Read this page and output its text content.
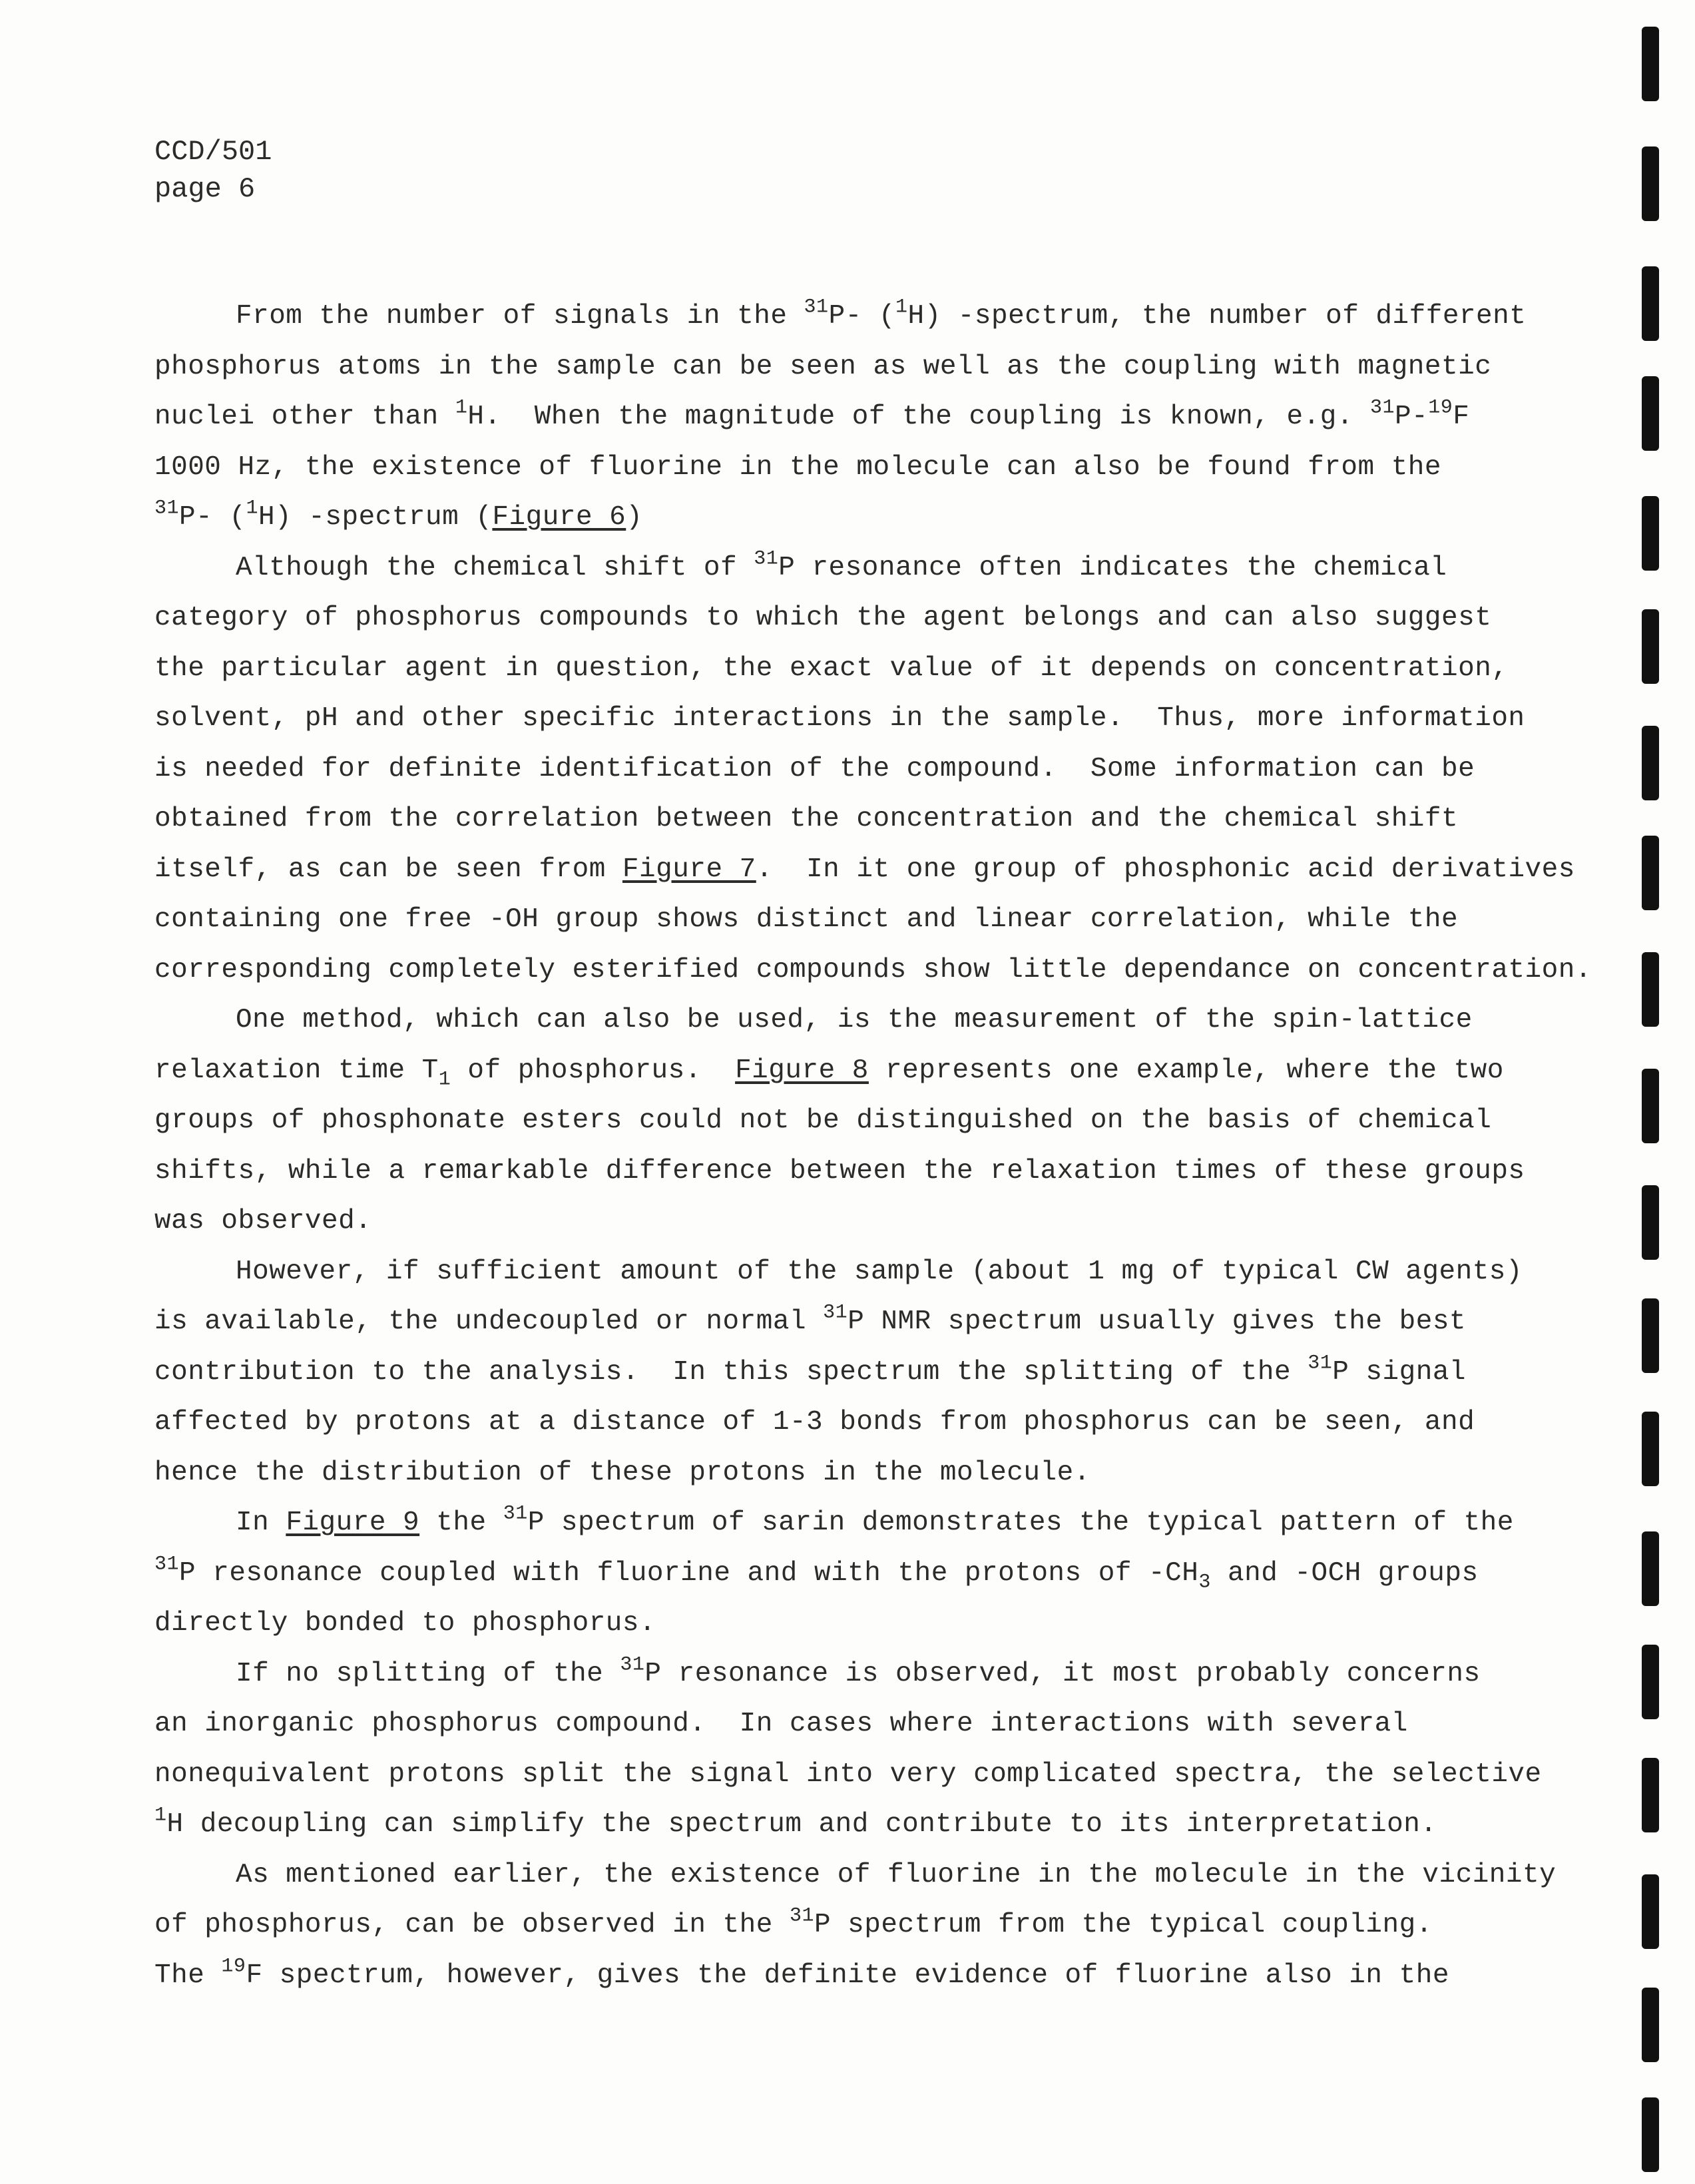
CCD/501
page 6
From the number of signals in the $^{31}$P- ($^1$H) -spectrum, the number of different
phosphorus atoms in the sample can be seen as well as the coupling with magnetic
nuclei other than $^1$H.  When the magnitude of the coupling is known, e.g. $^{31}$P-$^{19}$F
1000 Hz, the existence of fluorine in the molecule can also be found from the
$^{31}$P- ($^1$H) -spectrum (Figure 6)
Although the chemical shift of $^{31}$P resonance often indicates the chemical
category of phosphorus compounds to which the agent belongs and can also suggest
the particular agent in question, the exact value of it depends on concentration,
solvent, pH and other specific interactions in the sample.  Thus, more information
is needed for definite identification of the compound.  Some information can be
obtained from the correlation between the concentration and the chemical shift
itself, as can be seen from Figure 7.  In it one group of phosphonic acid derivatives
containing one free -OH group shows distinct and linear correlation, while the
corresponding completely esterified compounds show little dependance on concentration.
One method, which can also be used, is the measurement of the spin-lattice
relaxation time $T_1$ of phosphorus.  Figure 8 represents one example, where the two
groups of phosphonate esters could not be distinguished on the basis of chemical
shifts, while a remarkable difference between the relaxation times of these groups
was observed.
However, if sufficient amount of the sample (about 1 mg of typical CW agents)
is available, the undecoupled or normal $^{31}$P NMR spectrum usually gives the best
contribution to the analysis.  In this spectrum the splitting of the $^{31}$P signal
affected by protons at a distance of 1-3 bonds from phosphorus can be seen, and
hence the distribution of these protons in the molecule.
In Figure 9 the $^{31}$P spectrum of sarin demonstrates the typical pattern of the
$^{31}$P resonance coupled with fluorine and with the protons of $-CH_3$ and -OCH groups
directly bonded to phosphorus.
If no splitting of the $^{31}$P resonance is observed, it most probably concerns
an inorganic phosphorus compound.  In cases where interactions with several
nonequivalent protons split the signal into very complicated spectra, the selective
$^1$H decoupling can simplify the spectrum and contribute to its interpretation.
As mentioned earlier, the existence of fluorine in the molecule in the vicinity
of phosphorus, can be observed in the $^{31}$P spectrum from the typical coupling.
The $^{19}$F spectrum, however, gives the definite evidence of fluorine also in the
